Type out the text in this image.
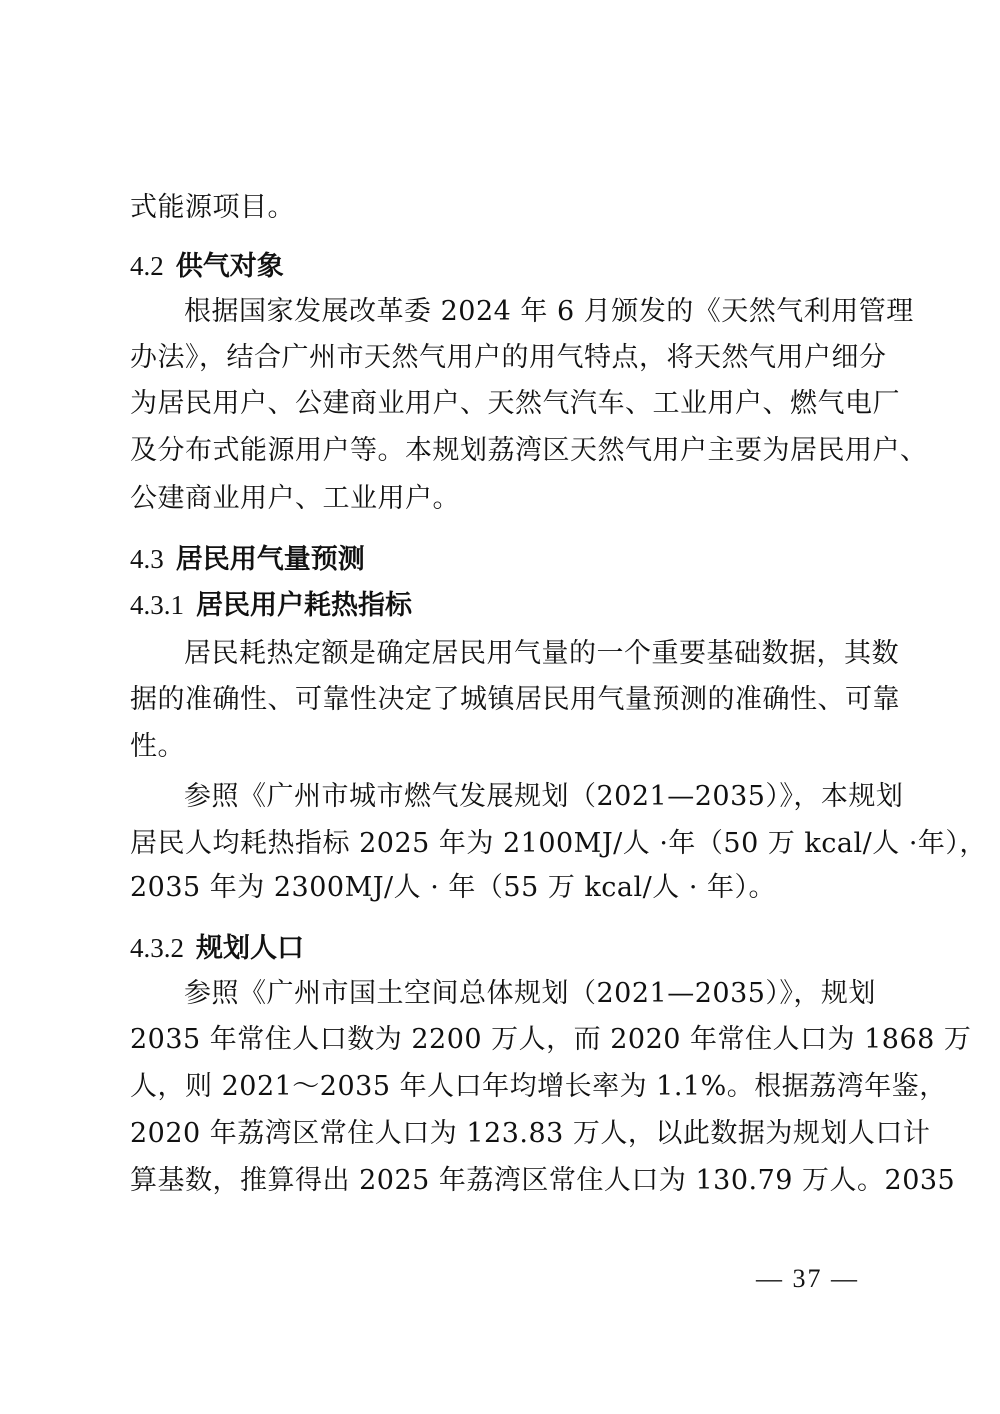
式能源项目。
4.2 供气对象
根据国家发展改革委 2024 年 6 月颁发的《天然气利用管理
办法》，结合广州市天然气用户的用气特点，将天然气用户细分
为居民用户、公建商业用户、天然气汽车、工业用户、燃气电厂
及分布式能源用户等。本规划荔湾区天然气用户主要为居民用户、
公建商业用户、工业用户。
4.3 居民用气量预测
4.3.1 居民用户耗热指标
居民耗热定额是确定居民用气量的一个重要基础数据，其数
据的准确性、可靠性决定了城镇居民用气量预测的准确性、可靠
性。
参照《广州市城市燃气发展规划（2021—2035）》，本规划
居民人均耗热指标 2025 年为 2100MJ/人 ·年（50 万 kcal/人 ·年），
2035 年为 2300MJ/人 · 年（55 万 kcal/人 · 年）。
4.3.2 规划人口
参照《广州市国土空间总体规划（2021—2035）》，规划
2035 年常住人口数为 2200 万人，而 2020 年常住人口为 1868 万
人，则 2021～2035 年人口年均增长率为 1.1%。根据荔湾年鉴，
2020 年荔湾区常住人口为 123.83 万人，以此数据为规划人口计
算基数，推算得出 2025 年荔湾区常住人口为 130.79 万人。2035
— 37 —
